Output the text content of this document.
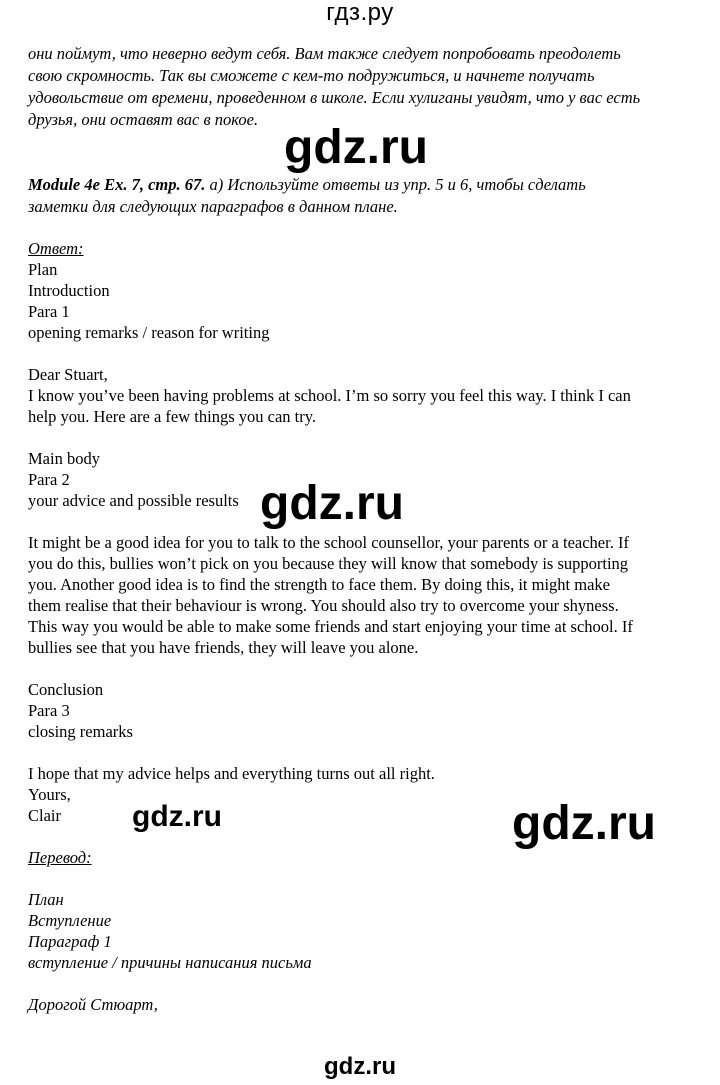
гдз.ру
они поймут, что неверно ведут себя. Вам также следует попробовать преодолеть
свою скромность. Так вы сможете с кем-то подружиться, и начнете получать
удовольствие от времени, проведенном в школе. Если хулиганы увидят, что у вас есть
друзья, они оставят вас в покое.
gdz.ru
Module 4e Ex. 7, стр. 67. а) Используйте ответы из упр. 5 и 6, чтобы сделать
заметки для следующих параграфов в данном плане.
Ответ:
Plan
Introduction
Para 1
opening remarks / reason for writing
Dear Stuart,
I know you’ve been having problems at school. I’m so sorry you feel this way. I think I can
help you. Here are a few things you can try.
Main body
Para 2
your advice and possible results gdz.ru
It might be a good idea for you to talk to the school counsellor, your parents or a teacher. If
you do this, bullies won’t pick on you because they will know that somebody is supporting
you. Another good idea is to find the strength to face them. By doing this, it might make
them realise that their behaviour is wrong. You should also try to overcome your shyness.
This way you would be able to make some friends and start enjoying your time at school. If
bullies see that you have friends, they will leave you alone.
Conclusion
Para 3
closing remarks
I hope that my advice helps and everything turns out all right.
Yours,
Clair	gdz.ru	gdz.ru
Перевод:
План
Вступление
Параграф 1
вступление / причины написания письма
Дорогой Стюарт,
gdz.ru
